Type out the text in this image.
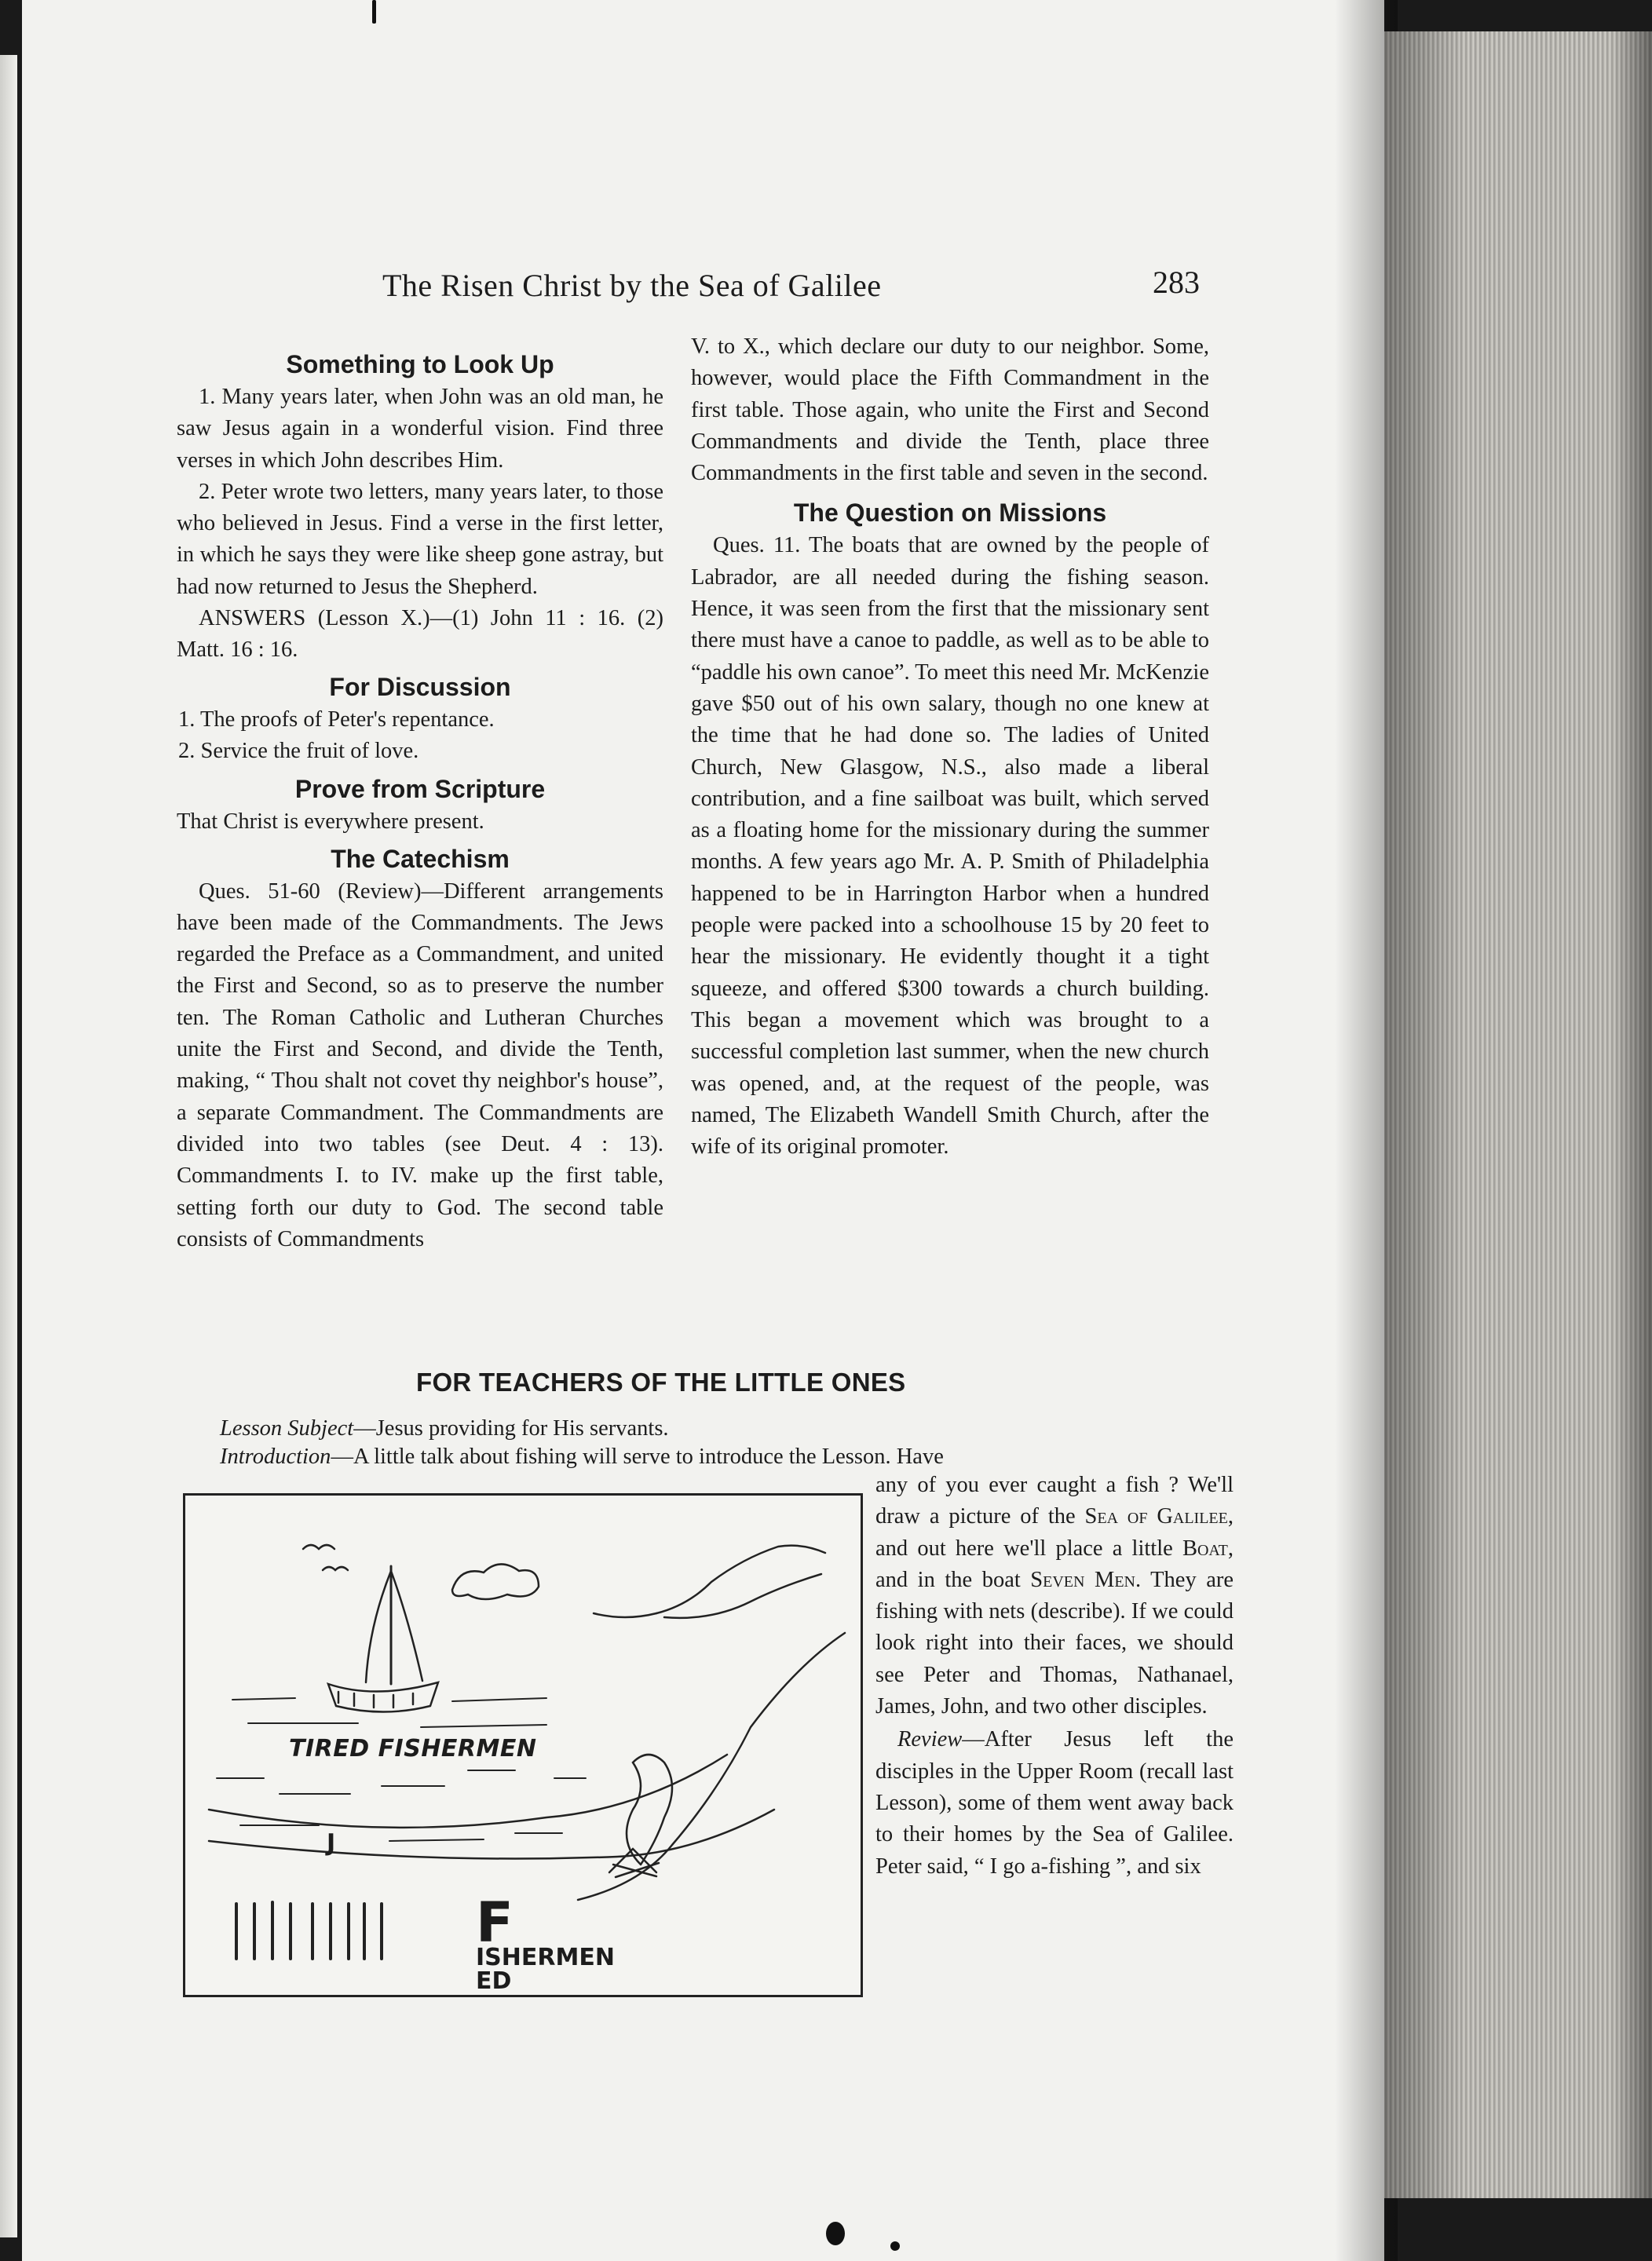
The Risen Christ by the Sea of Galilee	283
Something to Look Up

1. Many years later, when John was an old man, he saw Jesus again in a wonderful vision. Find three verses in which John describes Him.

2. Peter wrote two letters, many years later, to those who believed in Jesus. Find a verse in the first letter, in which he says they were like sheep gone astray, but had now returned to Jesus the Shepherd.

ANSWERS (Lesson X.)—(1) John 11 : 16. (2) Matt. 16 : 16.

For Discussion
1. The proofs of Peter's repentance.
2. Service the fruit of love.
Prove from Scripture

That Christ is everywhere present.

The Catechism

Ques. 51-60 (Review)—Different arrangements have been made of the Commandments. The Jews regarded the Preface as a Commandment, and united the First and Second, so as to preserve the number ten. The Roman Catholic and Lutheran Churches unite the First and Second, and divide the Tenth, making, “ Thou shalt not covet thy neighbor's house”, a separate Commandment. The Commandments are divided into two tables (see Deut. 4 : 13). Commandments I. to IV. make up the first table, setting forth our duty to God. The second table consists of Commandments

V. to X., which declare our duty to our neighbor. Some, however, would place the Fifth Commandment in the first table. Those again, who unite the First and Second Commandments and divide the Tenth, place three Commandments in the first table and seven in the second.

The Question on Missions

Ques. 11. The boats that are owned by the people of Labrador, are all needed during the fishing season. Hence, it was seen from the first that the missionary sent there must have a canoe to paddle, as well as to be able to “paddle his own canoe”. To meet this need Mr. McKenzie gave $50 out of his own salary, though no one knew at the time that he had done so. The ladies of United Church, New Glasgow, N.S., also made a liberal contribution, and a fine sailboat was built, which served as a floating home for the missionary during the summer months. A few years ago Mr. A. P. Smith of Philadelphia happened to be in Harrington Harbor when a hundred people were packed into a schoolhouse 15 by 20 feet to hear the missionary. He evidently thought it a tight squeeze, and offered $300 towards a church building. This began a movement which was brought to a successful completion last summer, when the new church was opened, and, at the request of the people, was named, The Elizabeth Wandell Smith Church, after the wife of its original promoter.

FOR TEACHERS OF THE LITTLE ONES
Lesson Subject—Jesus providing for His servants.
Introduction—A little talk about fishing will serve to introduce the Lesson. Have

any of you ever caught a fish ? We'll draw a picture of the Sea of Galilee, and out here we'll place a little Boat, and in the boat Seven Men. They are fishing with nets (describe). If we could look right into their faces, we should see Peter and Thomas, Nathanael, James, John, and two other disciples.

Review—After Jesus left the disciples in the Upper Room (recall last Lesson), some of them went away back to their homes by the Sea of Galilee. Peter said, “ I go a-fishing ”, and six

TIRED FISHERMEN
J
F
ISHERMEN
ED
